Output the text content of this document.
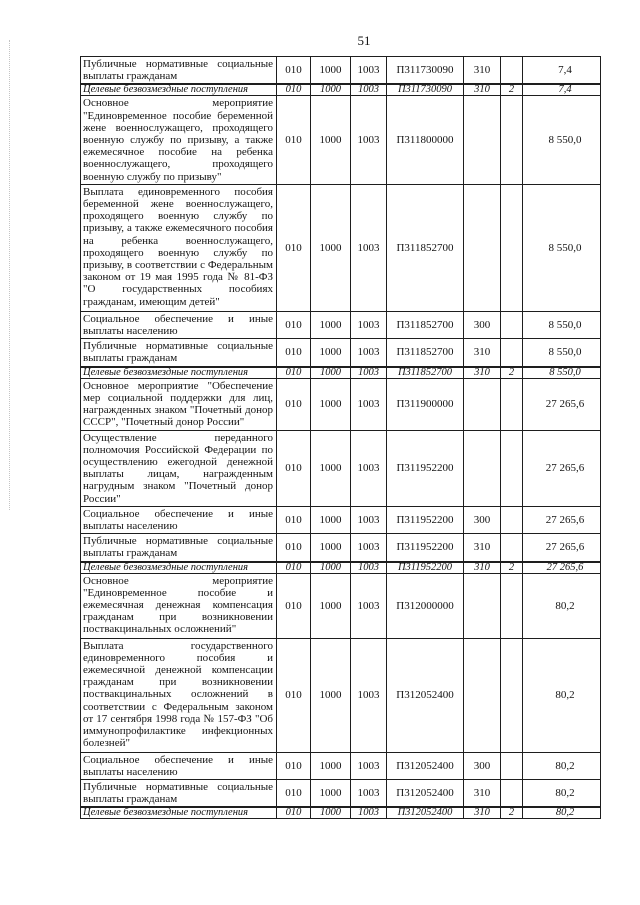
51
Публичные нормативные социальные выплаты гражданам	010	1000	1003	П311730090	310		7,4
Целевые безвозмездные поступления	010	1000	1003	П311730090	310	2	7,4
Основное мероприятие "Единовременное пособие беременной жене военнослужащего, проходящего военную службу по призыву, а также ежемесячное пособие на ребенка военнослужащего, проходящего военную службу по призыву"	010	1000	1003	П311800000			8 550,0
Выплата единовременного пособия беременной жене военнослужащего, проходящего военную службу по призыву, а также ежемесячного пособия на ребенка военнослужащего, проходящего военную службу по призыву, в соответствии с Федеральным законом от 19 мая 1995 года № 81-ФЗ "О государственных пособиях гражданам, имеющим детей"	010	1000	1003	П311852700			8 550,0
Социальное обеспечение и иные выплаты населению	010	1000	1003	П311852700	300		8 550,0
Публичные нормативные социальные выплаты гражданам	010	1000	1003	П311852700	310		8 550,0
Целевые безвозмездные поступления	010	1000	1003	П311852700	310	2	8 550,0
Основное мероприятие "Обеспечение мер социальной поддержки для лиц, награжденных знаком "Почетный донор СССР", "Почетный донор России"	010	1000	1003	П311900000			27 265,6
Осуществление переданного полномочия Российской Федерации по осуществлению ежегодной денежной выплаты лицам, награжденным нагрудным знаком "Почетный донор России"	010	1000	1003	П311952200			27 265,6
Социальное обеспечение и иные выплаты населению	010	1000	1003	П311952200	300		27 265,6
Публичные нормативные социальные выплаты гражданам	010	1000	1003	П311952200	310		27 265,6
Целевые безвозмездные поступления	010	1000	1003	П311952200	310	2	27 265,6
Основное мероприятие "Единовременное пособие и ежемесячная денежная компенсация гражданам при возникновении поствакцинальных осложнений"	010	1000	1003	П312000000			80,2
Выплата государственного единовременного пособия и ежемесячной денежной компенсации гражданам при возникновении поствакцинальных осложнений в соответствии с Федеральным законом от 17 сентября 1998 года № 157-ФЗ "Об иммунопрофилактике инфекционных болезней"	010	1000	1003	П312052400			80,2
Социальное обеспечение и иные выплаты населению	010	1000	1003	П312052400	300		80,2
Публичные нормативные социальные выплаты гражданам	010	1000	1003	П312052400	310		80,2
Целевые безвозмездные поступления	010	1000	1003	П312052400	310	2	80,2
